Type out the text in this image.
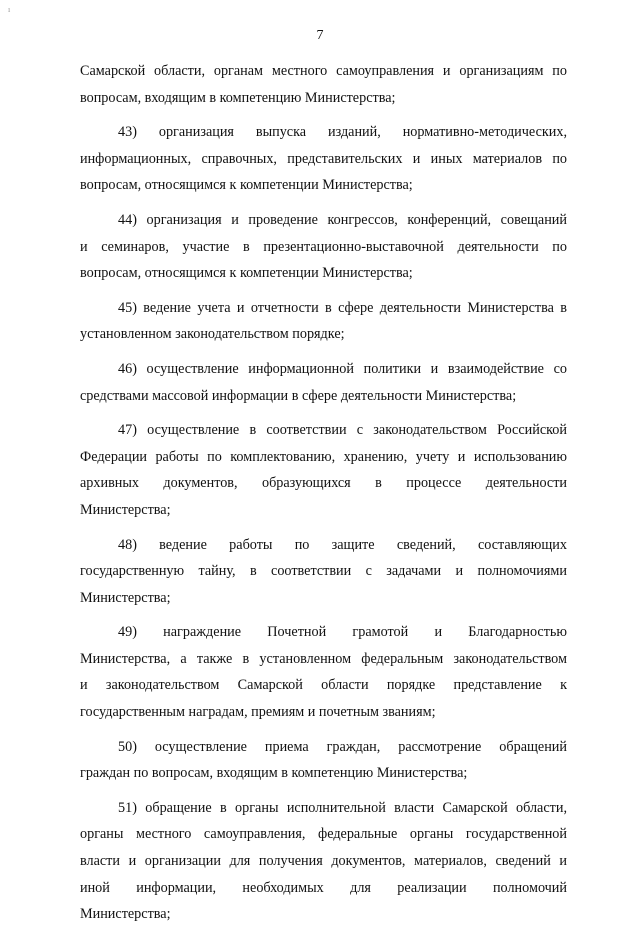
ı
7

Самарской области, органам местного самоуправления и организациям по
вопросам, входящим в компетенцию Министерства;

43) организация выпуска изданий, нормативно-методических,
информационных, справочных, представительских и иных материалов по
вопросам, относящимся к компетенции Министерства;

44) организация и проведение конгрессов, конференций, совещаний
и семинаров, участие в презентационно-выставочной деятельности по
вопросам, относящимся к компетенции Министерства;

45) ведение учета и отчетности в сфере деятельности Министерства в
установленном законодательством порядке;

46) осуществление информационной политики и взаимодействие со
средствами массовой информации в сфере деятельности Министерства;

47) осуществление в соответствии с законодательством Российской
Федерации работы по комплектованию, хранению, учету и использованию
архивных документов, образующихся в процессе деятельности
Министерства;

48) ведение работы по защите сведений, составляющих
государственную тайну, в соответствии с задачами и полномочиями
Министерства;

49) награждение Почетной грамотой и Благодарностью
Министерства, а также в установленном федеральным законодательством
и законодательством Самарской области порядке представление к
государственным наградам, премиям и почетным званиям;

50) осуществление приема граждан, рассмотрение обращений
граждан по вопросам, входящим в компетенцию Министерства;

51) обращение в органы исполнительной власти Самарской области,
органы местного самоуправления, федеральные органы государственной
власти и организации для получения документов, материалов, сведений и
иной информации, необходимых для реализации полномочий
Министерства;
